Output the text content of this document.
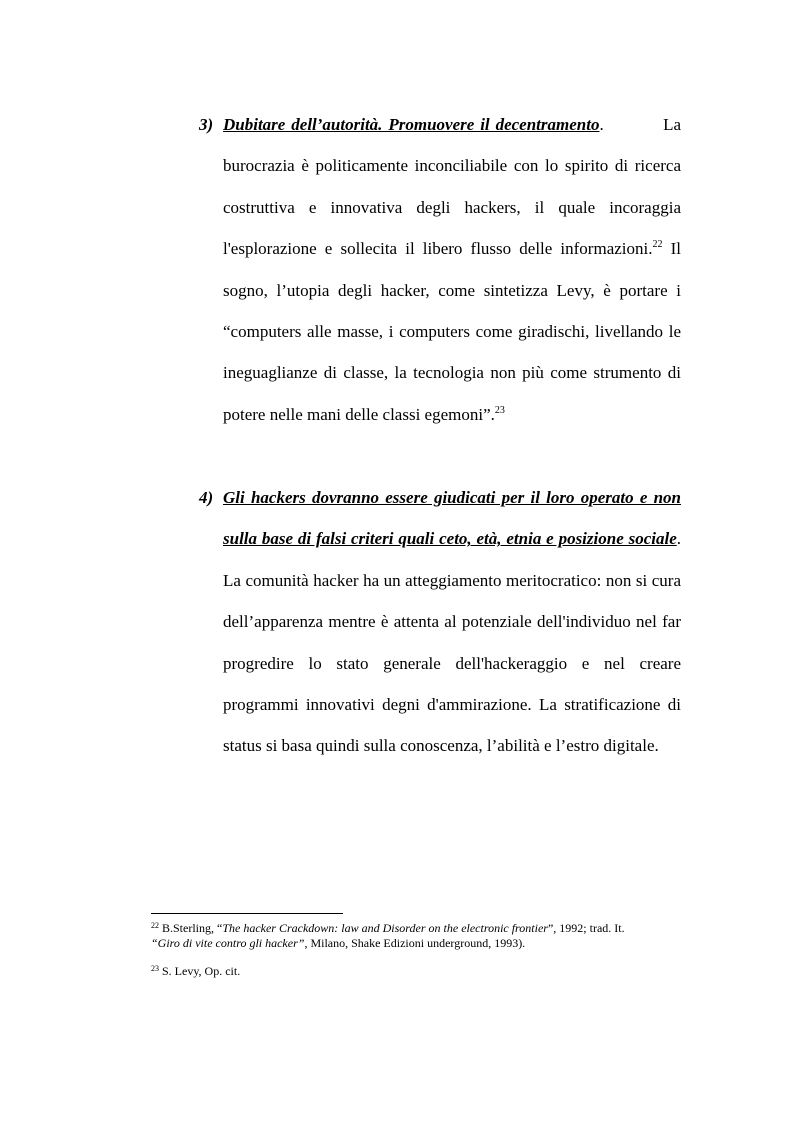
3) Dubitare dell’autorità. Promuovere il decentramento.	La burocrazia è politicamente inconciliabile con lo spirito di ricerca costruttiva e innovativa degli hackers, il quale incoraggia l'esplorazione e sollecita il libero flusso delle informazioni.$^{22}$ Il sogno, l’utopia degli hacker, come sintetizza Levy, è portare i “computers alle masse, i computers come giradischi, livellando le ineguaglianze di classe, la tecnologia non più come strumento di potere nelle mani delle classi egemoni”.$^{23}$
4) Gli hackers dovranno essere giudicati per il loro operato e non sulla base di falsi criteri quali ceto, età, etnia e posizione sociale. La comunità hacker ha un atteggiamento meritocratico: non si cura dell’apparenza mentre è attenta al potenziale dell'individuo nel far progredire lo stato generale dell'hackeraggio e nel creare programmi innovativi degni d'ammirazione. La stratificazione di status si basa quindi sulla conoscenza, l’abilità e l’estro digitale.

$^{22}$ B.Sterling, “The hacker Crackdown: law and Disorder on the electronic frontier”, 1992; trad. It.
“Giro di vite contro gli hacker”, Milano, Shake Edizioni underground, 1993).

$^{23}$ S. Levy, Op. cit.
